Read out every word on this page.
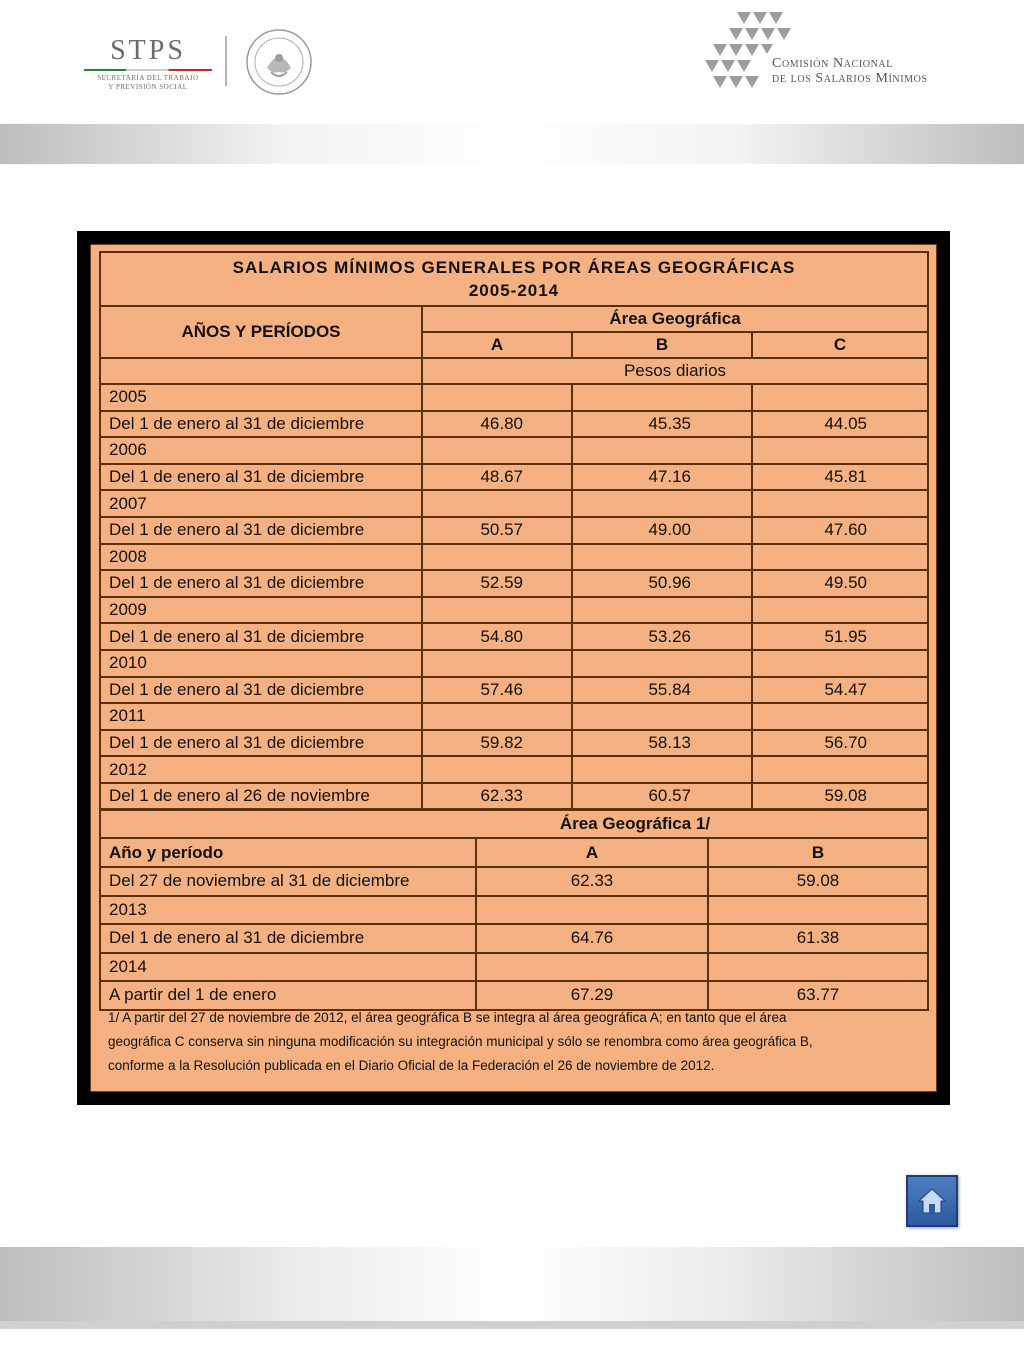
STPS
SECRETARÍA DEL TRABAJO
Y PREVISIÓN SOCIAL
Comisión Nacional
de los Salarios Mínimos
SALARIOS MÍNIMOS GENERALES POR ÁREAS GEOGRÁFICAS
2005-2014			

AÑOS Y PERÍODOS	Área Geográfica		
	A	B	C
	Pesos diarios		
2005			
Del 1 de enero al 31 de diciembre	46.80	45.35	44.05
2006			
Del 1 de enero al 31 de diciembre	48.67	47.16	45.81
2007			
Del 1 de enero al 31 de diciembre	50.57	49.00	47.60
2008			
Del 1 de enero al 31 de diciembre	52.59	50.96	49.50
2009			
Del 1 de enero al 31 de diciembre	54.80	53.26	51.95
2010			
Del 1 de enero al 31 de diciembre	57.46	55.84	54.47
2011			
Del 1 de enero al 31 de diciembre	59.82	58.13	56.70
2012			
Del 1 de enero al 26 de noviembre	62.33	60.57	59.08
Área Geográfica 1/		
Año y período	A	B
Del 27 de noviembre al 31 de diciembre	62.33	59.08
2013		
Del 1 de enero al 31 de diciembre	64.76	61.38
2014		
A partir del 1 de enero	67.29	63.77
1/ A partir del 27 de noviembre de 2012, el área geográfica B se integra al área geográfica A; en tanto que el área
geográfica C conserva sin ninguna modificación su integración municipal y sólo se renombra como área geográfica B,
conforme a la Resolución publicada en el Diario Oficial de la Federación el 26 de noviembre de 2012.
